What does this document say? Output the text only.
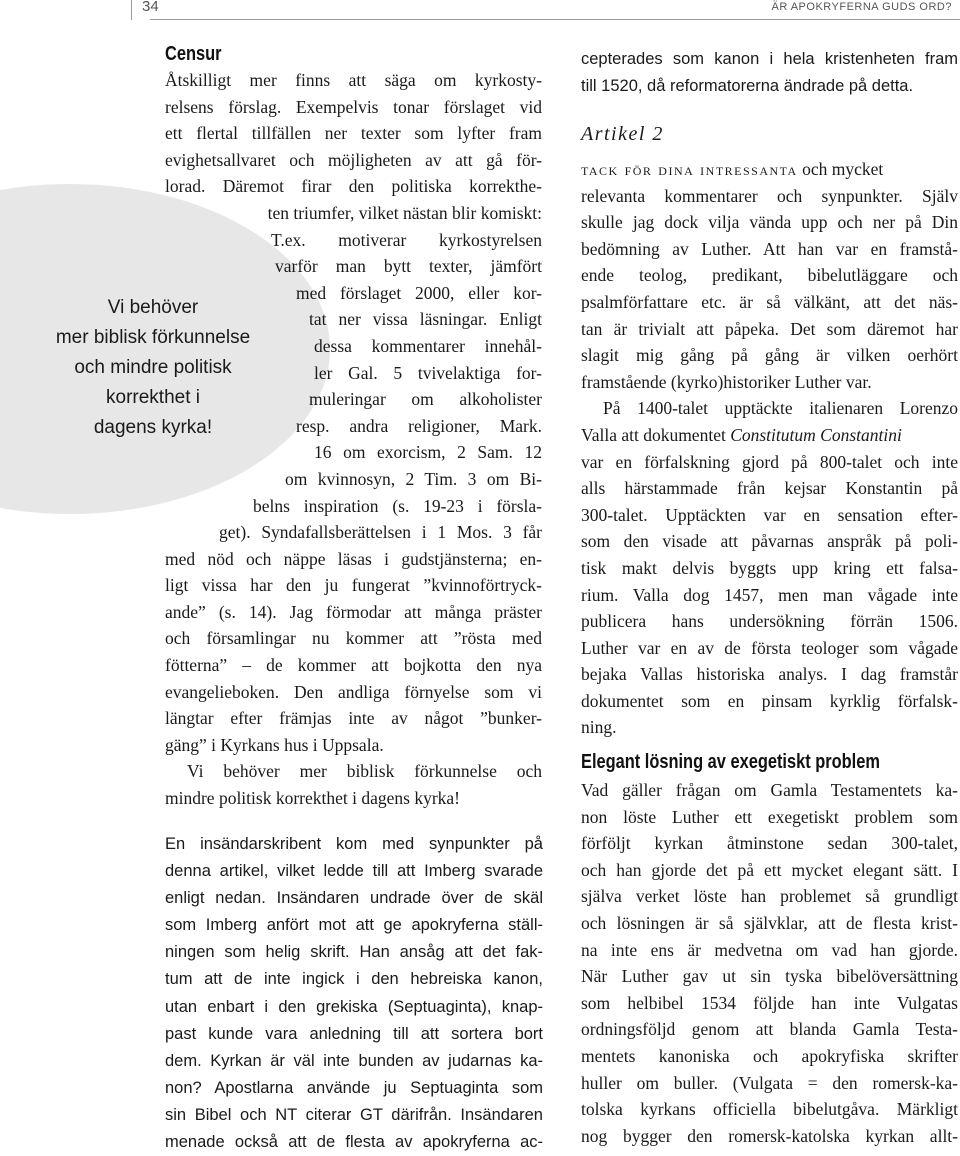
34	ÄR APOKRYFERNA GUDS ORD?
Vi behöver
mer biblisk förkunnelse
och mindre politisk
korrekthet i
dagens kyrka!
Censur
Åtskilligt mer finns att säga om kyrkosty-
relsens förslag. Exempelvis tonar förslaget vid
ett flertal tillfällen ner texter som lyfter fram
evighetsallvaret och möjligheten av att gå för-
lorad. Däremot firar den politiska korrekthe-
ten triumfer, vilket nästan blir komiskt:
T.ex. motiverar kyrkostyrelsen
varför man bytt texter, jämfört
med förslaget 2000, eller kor-
tat ner vissa läsningar. Enligt
dessa kommentarer innehål-
ler Gal. 5 tvivelaktiga for-
muleringar om alkoholister
resp. andra religioner, Mark.
16 om exorcism, 2 Sam. 12
om kvinnosyn, 2 Tim. 3 om Bi-
belns inspiration (s. 19-23 i försla-
get). Syndafallsberättelsen i 1 Mos. 3 får
med nöd och näppe läsas i gudstjänsterna; en-
ligt vissa har den ju fungerat ”kvinnoförtryck-
ande” (s. 14). Jag förmodar att många präster
och församlingar nu kommer att ”rösta med
fötterna” – de kommer att bojkotta den nya
evangelieboken. Den andliga förnyelse som vi
längtar efter främjas inte av något ”bunker-
gäng” i Kyrkans hus i Uppsala.
Vi behöver mer biblisk förkunnelse och
mindre politisk korrekthet i dagens kyrka!
En insändarskribent kom med synpunkter på
denna artikel, vilket ledde till att Imberg svarade
enligt nedan. Insändaren undrade över de skäl
som Imberg anfört mot att ge apokryferna ställ-
ningen som helig skrift. Han ansåg att det fak-
tum att de inte ingick i den hebreiska kanon,
utan enbart i den grekiska (Septuaginta), knap-
past kunde vara anledning till att sortera bort
dem. Kyrkan är väl inte bunden av judarnas ka-
non? Apostlarna använde ju Septuaginta som
sin Bibel och NT citerar GT därifrån. Insändaren
menade också att de flesta av apokryferna ac-
cepterades som kanon i hela kristenheten fram
till 1520, då reformatorerna ändrade på detta.
Artikel 2
tack för dina intressanta och mycket
relevanta kommentarer och synpunkter. Själv
skulle jag dock vilja vända upp och ner på Din
bedömning av Luther. Att han var en framstå-
ende teolog, predikant, bibelutläggare och
psalmförfattare etc. är så välkänt, att det näs-
tan är trivialt att påpeka. Det som däremot har
slagit mig gång på gång är vilken oerhört
framstående (kyrko)historiker Luther var.
På 1400-talet upptäckte italienaren Lorenzo
Valla att dokumentet Constitutum Constantini
var en förfalskning gjord på 800-talet och inte
alls härstammade från kejsar Konstantin på
300-talet. Upptäckten var en sensation efter-
som den visade att påvarnas anspråk på poli-
tisk makt delvis byggts upp kring ett falsa-
rium. Valla dog 1457, men man vågade inte
publicera hans undersökning förrän 1506.
Luther var en av de första teologer som vågade
bejaka Vallas historiska analys. I dag framstår
dokumentet som en pinsam kyrklig förfalsk-
ning.
Elegant lösning av exegetiskt problem
Vad gäller frågan om Gamla Testamentets ka-
non löste Luther ett exegetiskt problem som
förföljt kyrkan åtminstone sedan 300-talet,
och han gjorde det på ett mycket elegant sätt. I
själva verket löste han problemet så grundligt
och lösningen är så självklar, att de flesta krist-
na inte ens är medvetna om vad han gjorde.
När Luther gav ut sin tyska bibelöversättning
som helbibel 1534 följde han inte Vulgatas
ordningsföljd genom att blanda Gamla Testa-
mentets kanoniska och apokryfiska skrifter
huller om buller. (Vulgata = den romersk-ka-
tolska kyrkans officiella bibelutgåva. Märkligt
nog bygger den romersk-katolska kyrkan allt-
